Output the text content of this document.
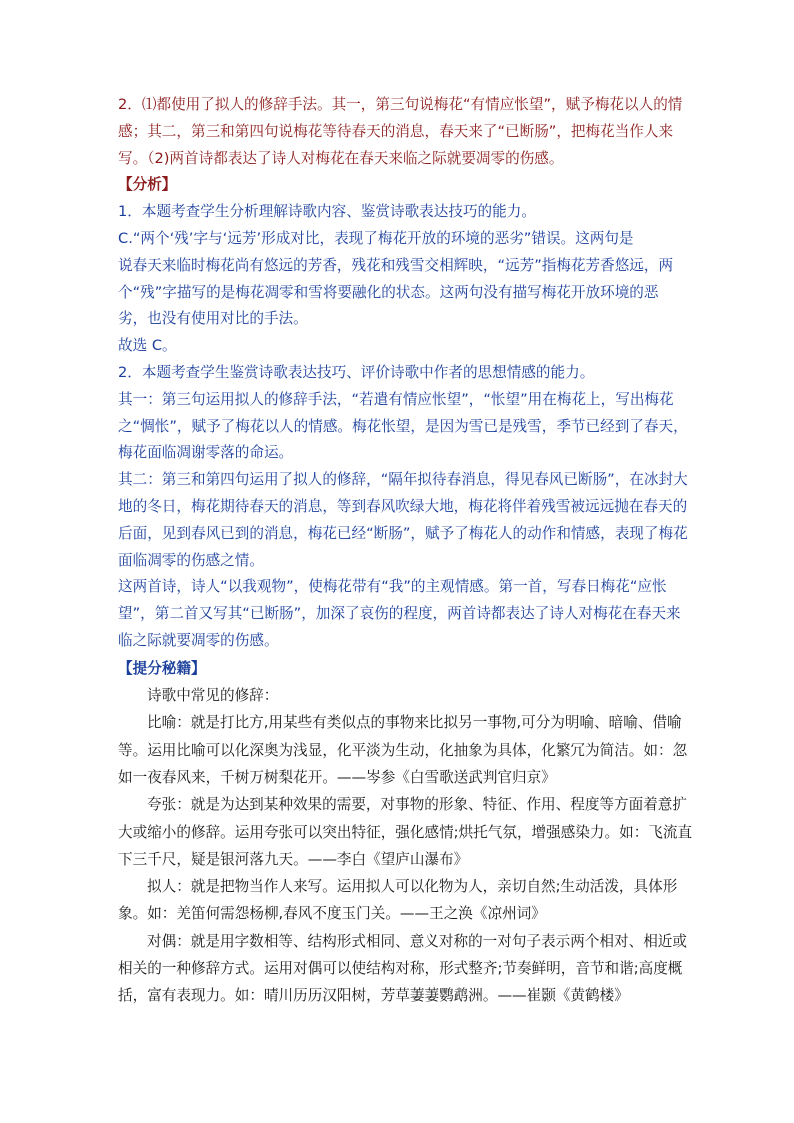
2．⑴都使用了拟人的修辞手法。其一，第三句说梅花“有情应怅望”，赋予梅花以人的情

感；其二，第三和第四句说梅花等待春天的消息，春天来了“已断肠”，把梅花当作人来

写。（2)两首诗都表达了诗人对梅花在春天来临之际就要凋零的伤感。

【分析】

1．本题考查学生分析理解诗歌内容、鉴赏诗歌表达技巧的能力。

C.“两个‘残’字与‘远芳’形成对比，表现了梅花开放的环境的恶劣”错误。这两句是

说春天来临时梅花尚有悠远的芳香，残花和残雪交相辉映，“远芳”指梅花芳香悠远，两

个“残”字描写的是梅花凋零和雪将要融化的状态。这两句没有描写梅花开放环境的恶

劣，也没有使用对比的手法。

故选 C。

2．本题考查学生鉴赏诗歌表达技巧、评价诗歌中作者的思想情感的能力。

其一：第三句运用拟人的修辞手法，“若遣有情应怅望”，“怅望”用在梅花上，写出梅花

之“惆怅”，赋予了梅花以人的情感。梅花怅望，是因为雪已是残雪，季节已经到了春天，

梅花面临凋谢零落的命运。

其二：第三和第四句运用了拟人的修辞，“隔年拟待春消息，得见春风已断肠”，在冰封大

地的冬日，梅花期待春天的消息，等到春风吹绿大地，梅花将伴着残雪被远远抛在春天的

后面，见到春风已到的消息，梅花已经“断肠”，赋予了梅花人的动作和情感，表现了梅花

面临凋零的伤感之情。

这两首诗，诗人“以我观物”，使梅花带有“我”的主观情感。第一首，写春日梅花“应怅

望”，第二首又写其“已断肠”，加深了哀伤的程度，两首诗都表达了诗人对梅花在春天来

临之际就要凋零的伤感。

【提分秘籍】

诗歌中常见的修辞：

比喻：就是打比方,用某些有类似点的事物来比拟另一事物,可分为明喻、暗喻、借喻

等。运用比喻可以化深奥为浅显，化平淡为生动，化抽象为具体，化繁冗为简洁。如：忽

如一夜春风来，千树万树梨花开。——岑参《白雪歌送武判官归京》

夸张：就是为达到某种效果的需要，对事物的形象、特征、作用、程度等方面着意扩

大或缩小的修辞。运用夸张可以突出特征，强化感情;烘托气氛，增强感染力。如：飞流直

下三千尺，疑是银河落九天。——李白《望庐山瀑布》

拟人：就是把物当作人来写。运用拟人可以化物为人，亲切自然;生动活泼，具体形

象。如：羌笛何需怨杨柳,春风不度玉门关。——王之涣《凉州词》

对偶：就是用字数相等、结构形式相同、意义对称的一对句子表示两个相对、相近或

相关的一种修辞方式。运用对偶可以使结构对称，形式整齐;节奏鲜明，音节和谐;高度概

括，富有表现力。如：晴川历历汉阳树，芳草萋萋鹦鹉洲。——崔颢《黄鹤楼》
